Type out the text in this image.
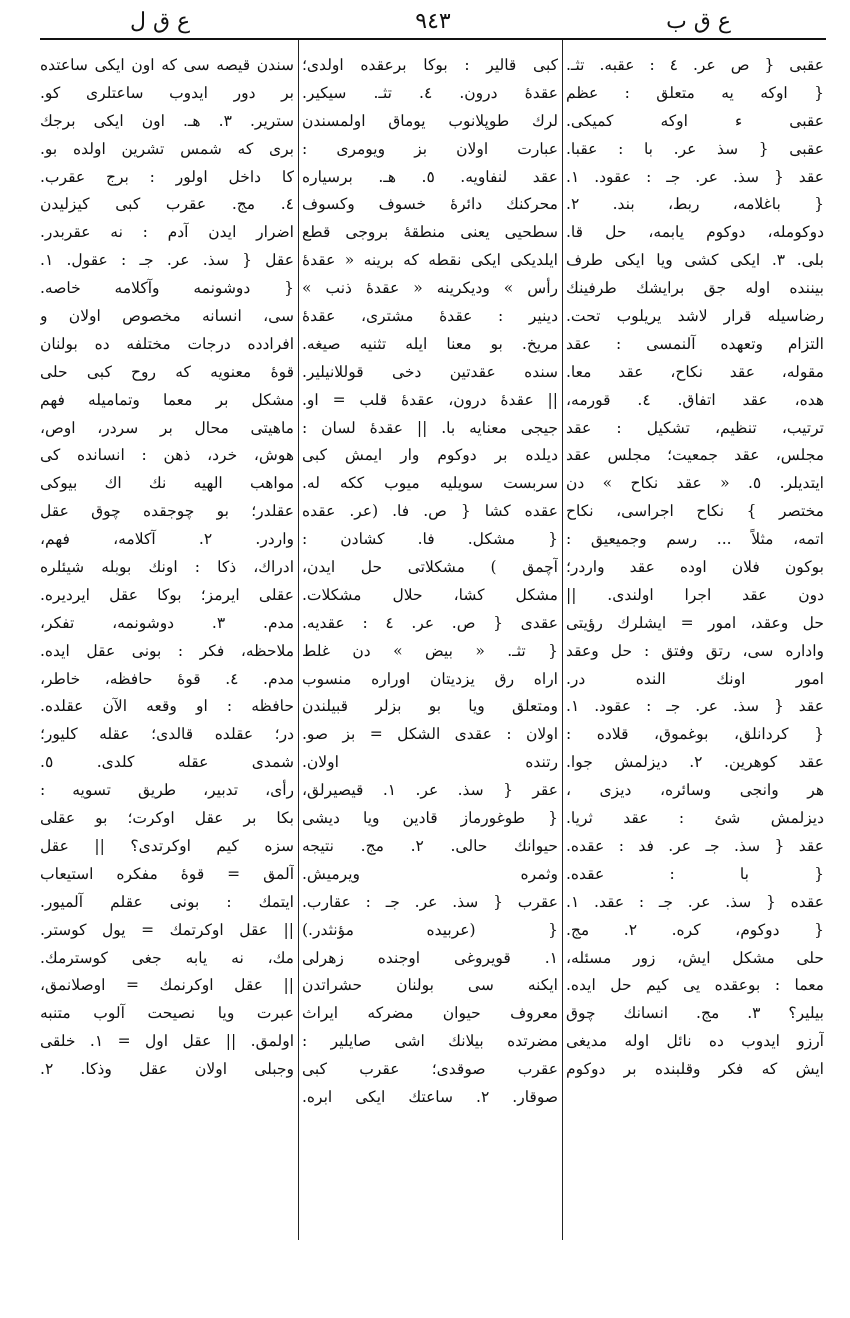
ع ق ل	٩٤٣	ع ق ب
عقبى { ص عر. ٤ : عقبه. تثـ.
{ اوكه يه متعلق : عظم
عقبى ء اوكه كميكى.
عقبى { سذ عر. با : عقبا.
عقد { سذ. عر. جـ : عقود. ١.
{ باغلامه، ربط، بند. ٢.
دوكومله، دوكوم يابمه، حل قا.
بلى. ٣. ايكى كشى ويا ايكى طرف
بيننده اوله جق برايشك طرفينك
رضاسيله قرار لاشد يريلوب تحت.
التزام وتعهده آلنمسى : عقد
مقوله، عقد نكاح، عقد معا.
هده، عقد اتفاق. ٤. قورمه،
ترتيب، تنظيم، تشكيل : عقد
مجلس، عقد جمعيت؛ مجلس عقد
ايتديلر. ٥. « عقد نكاح » دن
مختصر } نكاح اجراسى، نكاح
اتمه، مثلاً ... رسم وجميعيق :
بوكون فلان اوده عقد واردر؛
دون عقد اجرا اولندى. ||
حل وعقد، امور = ايشلرك رؤيتى
واداره سى، رتق وفتق : حل وعقد
امور اونك النده در.
عقد { سذ. عر. جـ : عقود. ١.
{ كردانلق، بوغموق، قلاده :
عقد كوهرين. ٢. ديزلمش جوا.
هر وانجى وسائره، ديزى ،
ديزلمش شئ : عقد ثريا.
عقد { سذ. جـ عر. فد : عقده.
{ با : عقده.
عقده { سذ. عر. جـ : عقد. ١.
{ دوكوم، كره. ٢. مج.
حلى مشكل ايش، زور مسئله،
معما : بوعقده يى كيم حل ايده.
بيلير؟ ٣. مج. انسانك چوق
آرزو ايدوب ده نائل اوله مديغى
ايش كه فكر وقلبنده بر دوكوم
كبى قالير : بوكا برعقده اولدى؛
عقدهٔ درون. ٤. تثـ. سيكير.
لرك طوپلانوب يوماق اولمسندن
عبارت اولان بز ويومرى :
عقد لنفاويه. ٥. هـ. برسياره
محركنك دائرهٔ خسوف وكسوف
سطحيى يعنى منطقهٔ بروجى قطع
ايلديكى ايكى نقطه كه برينه « عقدهٔ
رأس » وديكرينه « عقدهٔ ذنب »
دينير : عقدهٔ مشترى، عقدهٔ
مريخ. بو معنا ايله تثنيه صيغه.
سنده عقدتين دخى قوللانيلير.
|| عقدهٔ درون، عقدهٔ قلب = او.
جيجى معنايه با. || عقدهٔ لسان :
ديلده بر دوكوم وار ايمش كبى
سربست سويليه ميوب ككه له.
عقده كشا { ص. فا. (عر. عقده
{ مشكل. فا. كشادن :
آچمق ) مشكلاتى حل ايدن،
مشكل كشا، حلال مشكلات.
عقدى { ص. عر. ٤ : عقديه.
{ تثـ. « بيض » دن غلط
اراه رق يزديتان اوراره منسوب
ومتعلق ويا بو بزلر قبيلندن
اولان : عقدى الشكل = بز صو.
رتنده اولان.
عقر { سذ. عر. ١. قيصيرلق،
{ طوغورماز قادين ويا ديشى
حيوانك حالى. ٢. مج. نتيجه
وثمره ويرميش.
عقرب { سذ. عر. جـ : عقارب.
{ (عربيده مؤنثدر.)
١. قويروغى اوجنده زهرلى
ايكنه سى بولنان حشراتدن
معروف حيوان مضركه ايراث
مضرتده بيلانك اشى صايلير :
عقرب صوقدى؛ عقرب كبى
صوقار. ٢. ساعتك ايكى ابره.
سندن قيصه سى كه اون ايكى ساعتده
بر دور ايدوب ساعتلرى كو.
سترير. ٣. هـ. اون ايكى برجك
برى كه شمس تشرين اولده بو.
كا داخل اولور : برج عقرب.
٤. مج. عقرب كبى كيزليدن
اضرار ايدن آدم : نه عقربدر.
عقل { سذ. عر. جـ : عقول. ١.
{ دوشونمه وآكلامه خاصه.
سى، انسانه مخصوص اولان و
افرادده درجات مختلفه ده بولنان
قوهٔ معنويه كه روح كبى حلى
مشكل بر معما وتماميله فهم
ماهيتى محال بر سردر، اوص،
هوش، خرد، ذهن : انسانده كى
مواهب الهيه نك اك بيوكى
عقلدر؛ بو چوجقده چوق عقل
واردر. ٢. آكلامه، فهم،
ادراك، ذكا : اونك بوبله شيئلره
عقلى ايرمز؛ بوكا عقل ايرديره.
مدم. ٣. دوشونمه، تفكر،
ملاحظه، فكر : بونى عقل ايده.
مدم. ٤. قوهٔ حافظه، خاطر،
حافظه : او وقعه الآن عقلده.
در؛ عقلده قالدى؛ عقله كليور؛
شمدى عقله كلدى. ٥.
رأى، تدبير، طريق تسويه :
بكا بر عقل اوكرت؛ بو عقلى
سزه كيم اوكرتدى؟ || عقل
آلمق = قوهٔ مفكره استيعاب
ايتمك : بونى عقلم آلميور.
|| عقل اوكرتمك = يول كوستر.
مك، نه يابه جغى كوسترمك.
|| عقل اوكرنمك = اوصلانمق،
عبرت ويا نصيحت آلوب متنبه
اولمق. || عقل اول = ١. خلقى
وجبلى اولان عقل وذكا. ٢.
